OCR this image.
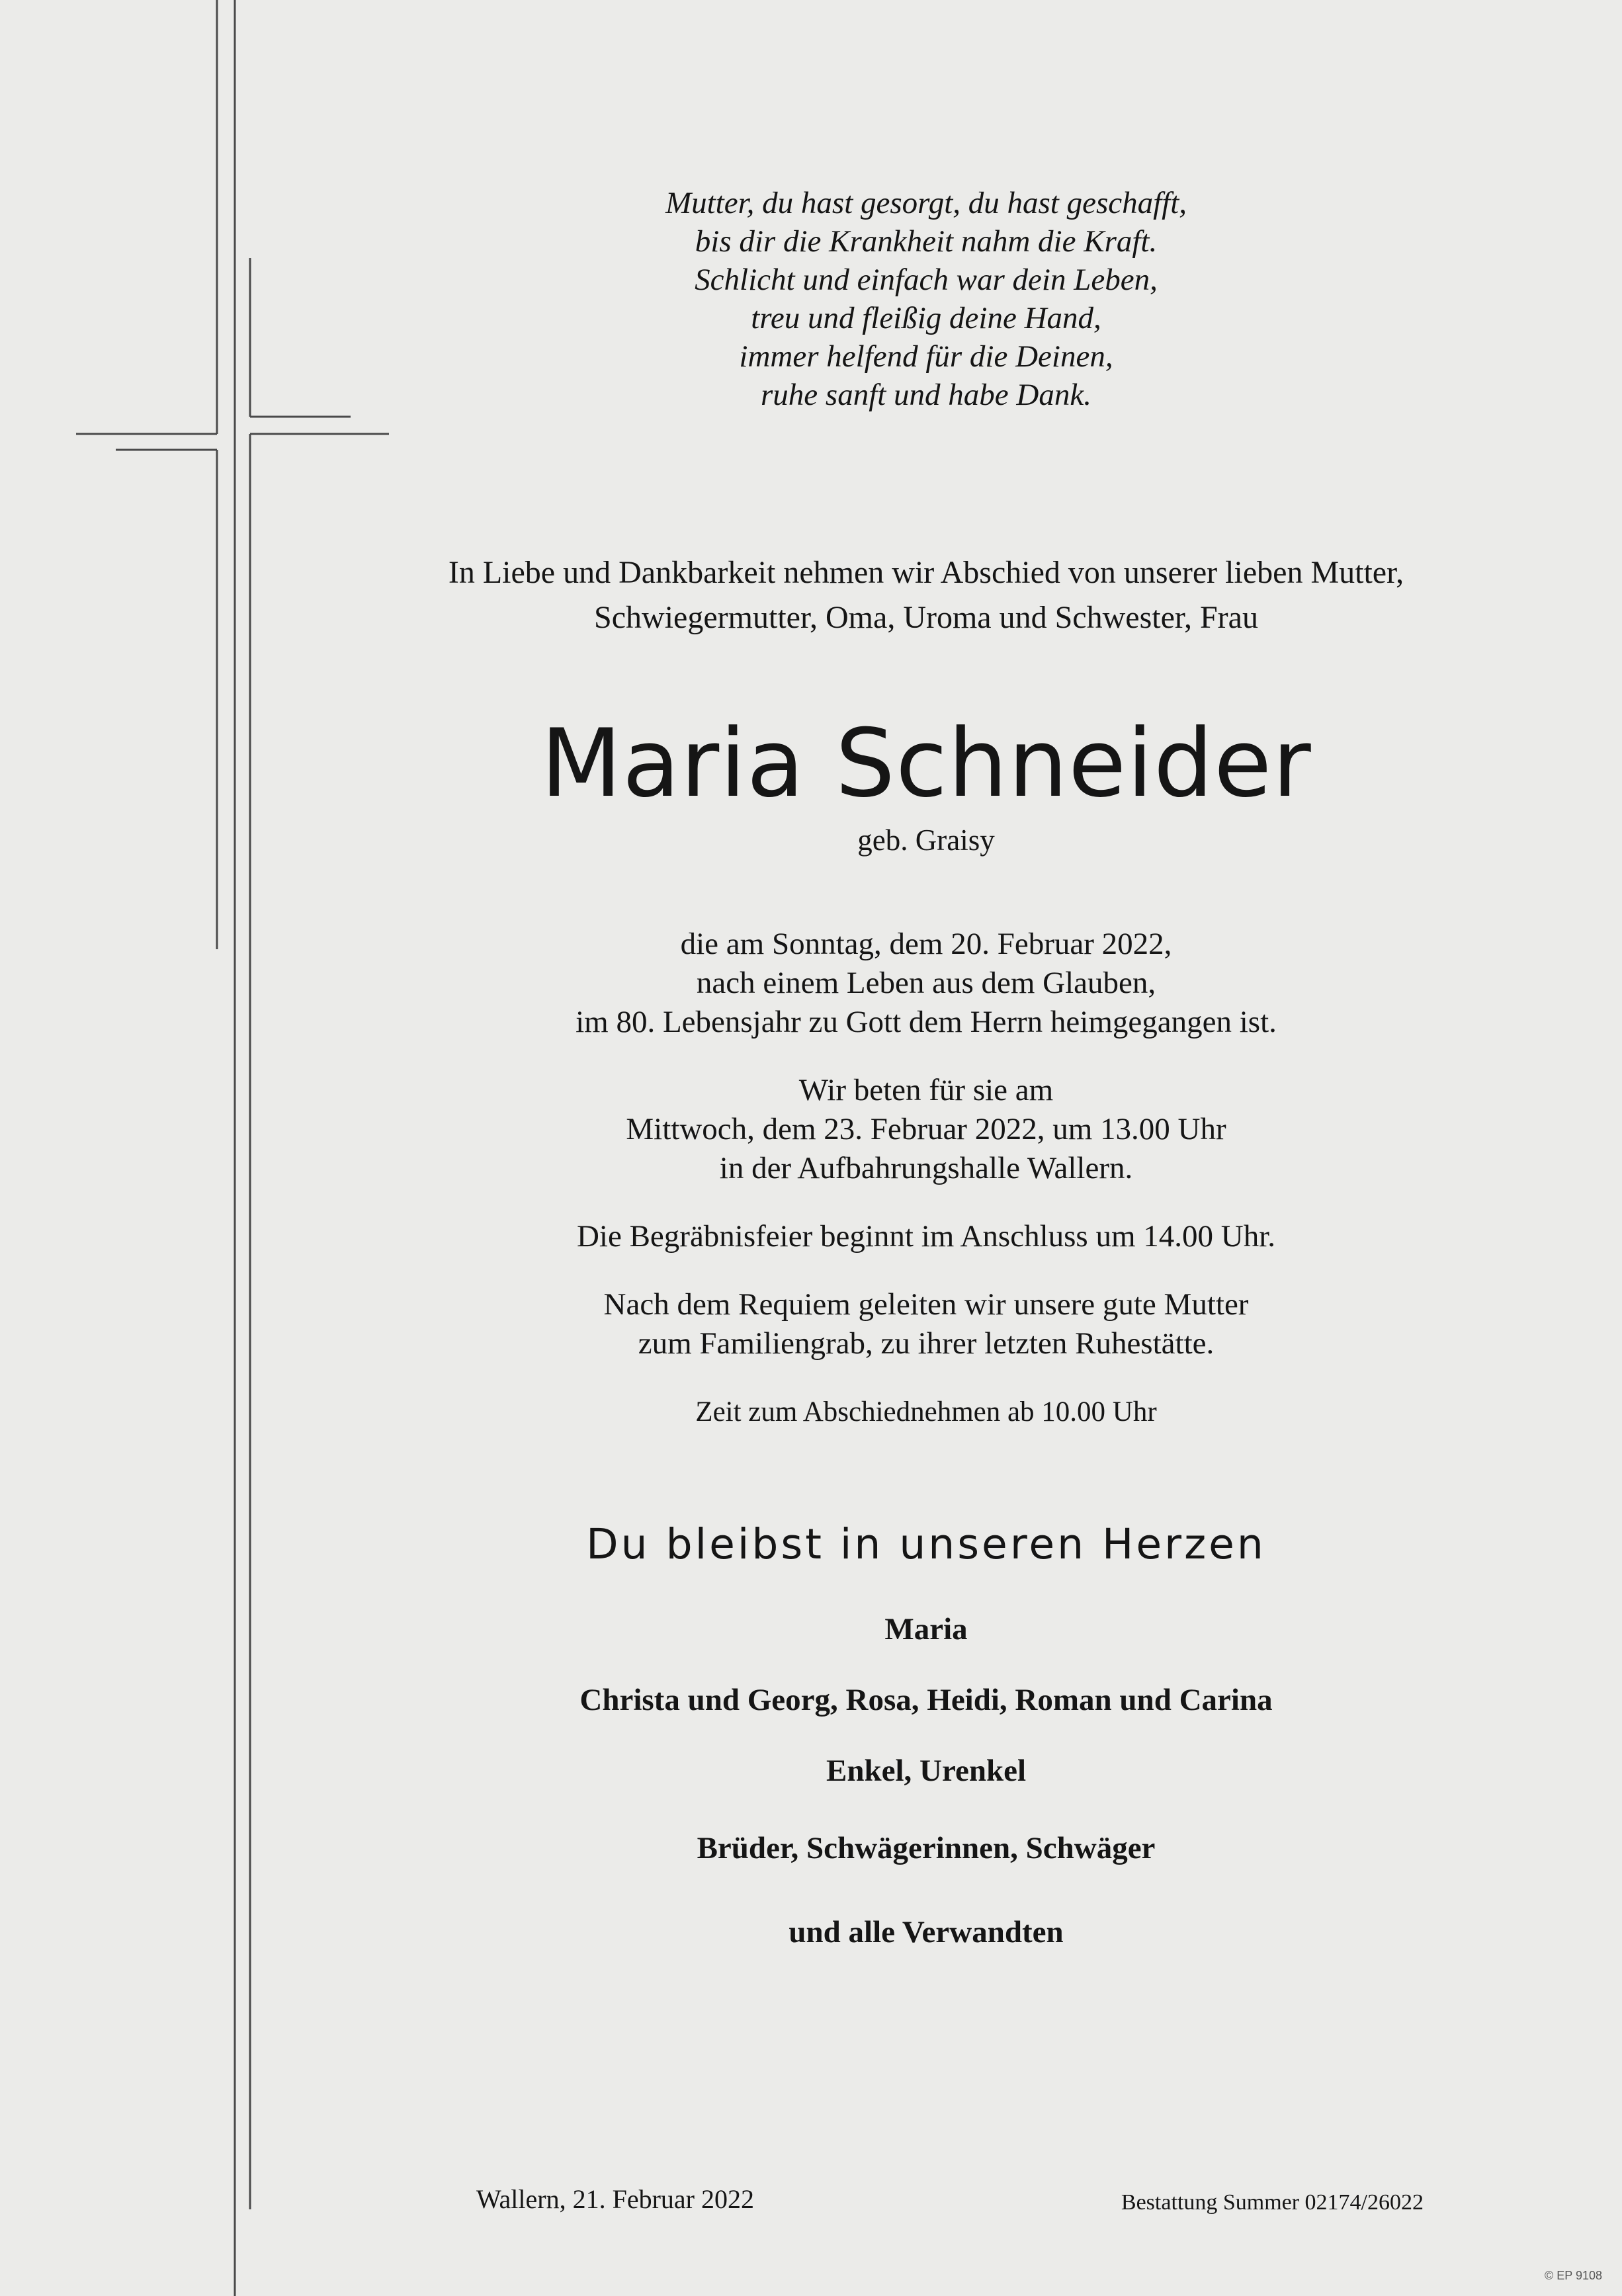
Mutter, du hast gesorgt, du hast geschafft,
bis dir die Krankheit nahm die Kraft.
Schlicht und einfach war dein Leben,
treu und fleißig deine Hand,
immer helfend für die Deinen,
ruhe sanft und habe Dank.
In Liebe und Dankbarkeit nehmen wir Abschied von unserer lieben Mutter,
Schwiegermutter, Oma, Uroma und Schwester, Frau
Maria Schneider
geb. Graisy

die am Sonntag, dem 20. Februar 2022,
nach einem Leben aus dem Glauben,
im 80. Lebensjahr zu Gott dem Herrn heimgegangen ist.

Wir beten für sie am
Mittwoch, dem 23. Februar 2022, um 13.00 Uhr
in der Aufbahrungshalle Wallern.

Die Begräbnisfeier beginnt im Anschluss um 14.00 Uhr.

Nach dem Requiem geleiten wir unsere gute Mutter
zum Familiengrab, zu ihrer letzten Ruhestätte.

Zeit zum Abschiednehmen ab 10.00 Uhr

Du bleibst in unseren Herzen
Maria
Christa und Georg, Rosa, Heidi, Roman und Carina
Enkel, Urenkel
Brüder, Schwägerinnen, Schwäger
und alle Verwandten
Wallern, 21. Februar 2022	Bestattung Summer 02174/26022
© EP 9108
